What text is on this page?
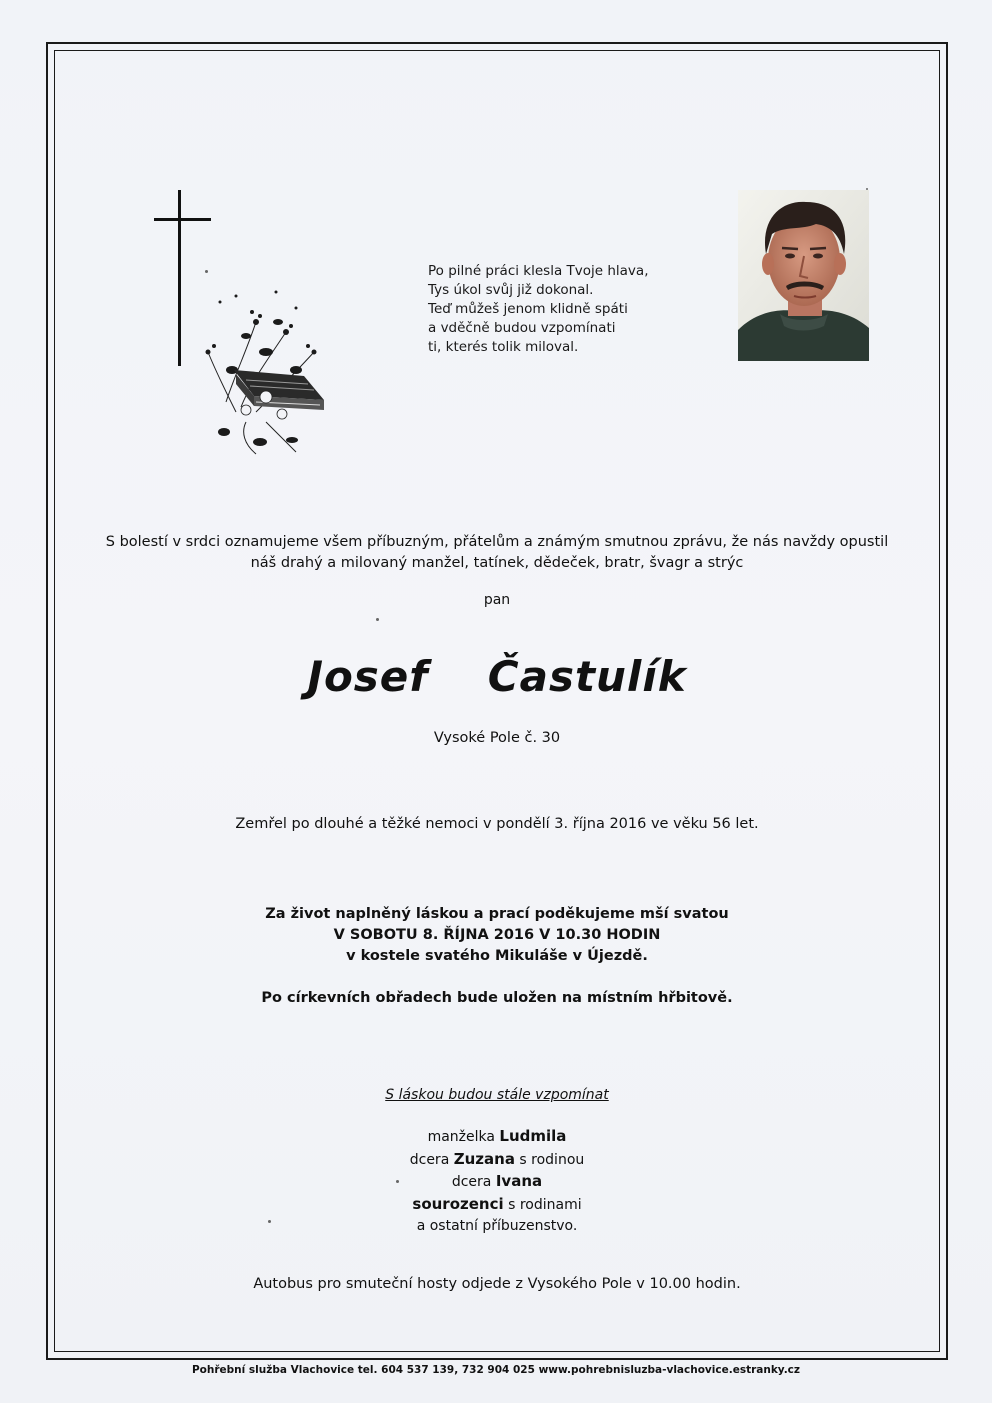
Po pilné práci klesla Tvoje hlava,
Tys úkol svůj již dokonal.
Teď můžeš jenom klidně spáti
a vděčně budou vzpomínati
ti, kterés tolik miloval.
S bolestí v srdci oznamujeme všem příbuzným, přátelům a známým smutnou zprávu, že nás navždy opustil
náš drahý a milovaný manžel, tatínek, dědeček, bratr, švagr a strýc
pan
Josef  Častulík
Vysoké Pole č. 30
Zemřel po dlouhé a těžké nemoci v pondělí 3. října 2016 ve věku 56 let.
Za život naplněný láskou a prací poděkujeme mší svatou
V SOBOTU 8. ŘÍJNA 2016 V 10.30 HODIN
v kostele svatého Mikuláše v Újezdě.
Po církevních obřadech bude uložen na místním hřbitově.
S láskou budou stále vzpomínat
manželka Ludmila
dcera Zuzana s rodinou
dcera Ivana
sourozenci s rodinami
a ostatní příbuzenstvo.
Autobus pro smuteční hosty odjede z Vysokého Pole v 10.00 hodin.
Pohřební služba Vlachovice tel. 604 537 139, 732 904 025 www.pohrebnisluzba-vlachovice.estranky.cz
